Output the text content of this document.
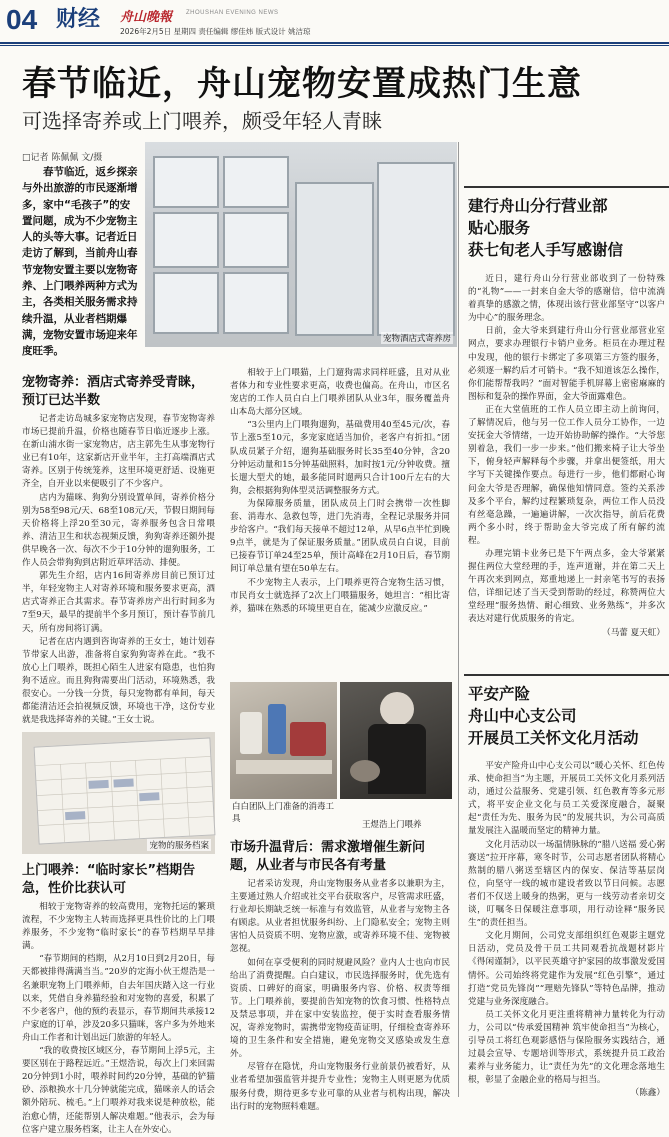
04 财经 舟山晚報 ZHOUSHAN EVENING NEWS
2026年2月5日 星期四 责任编辑 缪佳炜 版式设计 姚洁琼
春节临近，舟山宠物安置成热门生意
可选择寄养或上门喂养，颇受年轻人青睐
□记者 陈佩佩 文/摄

春节临近，返乡探亲与外出旅游的市民逐渐增多，家中“毛孩子”的安置问题，成为不少宠物主人的头等大事。记者近日走访了解到，当前舟山春节宠物安置主要以宠物寄养、上门喂养两种方式为主，各类相关服务需求持续升温，从业者档期爆满，宠物安置市场迎来年度旺季。

宠物酒店式寄养房
宠物寄养：酒店式寄养受青睐，预订已达半数

记者走访岛城多家宠物店发现，春节宠物寄养市场已提前升温，价格也随春节日临近逐步上涨。在新山浦水街一家宠物店，店主郭先生从事宠物行业已有10年，这家新店开业半年，主打高端酒店式寄养。区别于传统笼养，这里环境更舒适、设施更齐全，自开业以来便吸引了不少客户。

店内为猫咪、狗狗分别设置单间，寄养价格分别为58至98元/天、68至108元/天，节假日期间每天价格将上浮20至30元，寄养服务包含日常喂养、清洁卫生和状态视频反馈，狗狗寄养还额外提供早晚各一次、每次不少于10分钟的遛狗服务，工作人员会带狗狗到店附近草坪活动、排便。

郭先生介绍，店内16间寄养房目前已预订过半，年轻宠物主人对寄养环境和服务要求更高，酒店式寄养正合其需求。春节寄养房产出行时间多为7至9天，最早的提前半个多月预订，预计春节前几天，所有房间将订满。

记者在店内遇到咨询寄养的王女士，她计划春节带家人出游，准备将自家狗狗寄养在此。“我不放心上门喂养，既担心陌生人进家有隐患，也怕狗狗不适应。而且狗狗需要出门活动，环境熟悉，我很安心。一分钱一分货，每只宠物都有单间，每天都能清洁还会拍视频反馈，环境也干净，这份专业就是我选择寄养的关键。”王女士说。

宠物的服务档案
上门喂养：“临时家长”档期告急，性价比获认可

相较于宠物寄养的较高费用，宠物托运的繁琐流程，不少宠物主人转而选择更具性价比的上门喂养服务，不少宠物“临时家长”的春节档期早早排满。

“春节期间的档期，从2月10日到2月20日，每天都被排得满满当当。”20岁的定海小伙王煜浩是一名兼职宠物上门喂养师，自去年国庆踏入这一行业以来，凭借自身养猫经验和对宠物的喜爱，积累了不少老客户，他的预约表显示，春节期间共承接12户家庭的订单，涉及20多只猫咪，客户多为外地来舟山工作者和计划出远门旅游的年轻人。

“我的收费按区域区分，春节期间上浮5元，主要区别在于路程远近。”王煜浩说，每次上门来回需20分钟到1小时，喂养时间约20分钟，基础的铲猫砂、添粮换水十几分钟就能完成，猫咪亲人的话会额外陪玩、梳毛。”上门喂养对我来说是种放松，能治愈心情，还能帮别人解决难题。”他表示，会为每位客户建立服务档案，让主人在外安心。

相较于上门喂猫，上门遛狗需求同样旺盛，且对从业者体力和专业性要求更高，收费也偏高。在舟山，市区名宠店的工作人员白白上门喂养团队从业3年，服务覆盖舟山本岛大部分区域。

“3公里内上门喂狗遛狗，基础费用40至45元/次，春节上涨5至10元，多宠家庭适当加价，老客户有折扣。”团队成员紧子介绍，遛狗基础服务时长35至40分钟，含20分钟运动量和15分钟基础照料，加时按1元/分钟收费。擅长遛大型犬的她，最多能同时遛两只合计100斤左右的大狗，会根据狗狗体型灵活调整服务方式。

为保障服务质量，团队成员上门时会携带一次性脚套、消毒水、急救包等，进门先消毒，全程记录服务并同步给客户。“我们每天接单不超过12单，从早6点半忙到晚9点半，就是为了保证服务质量。”团队成员白白说，目前已接春节订单24至25单，预计高峰在2月10日后，春节期间订单总量有望在50单左右。

不少宠物主人表示，上门喂养更符合宠物生活习惯，市民肖女士就选择了2次上门喂猫服务，她坦言：“相比寄养，猫咪在熟悉的环境里更自在，能减少应激反应。”

白白团队上门准备的消毒工具
王煜浩上门喂养
市场升温背后：需求激增催生新问题，从业者与市民各有考量

记者采访发现，舟山宠物服务从业者多以兼职为主，主要通过熟人介绍或社交平台获取客户，尽管需求旺盛，行业却长期缺乏统一标准与有效监管，从业者与宠物主各有顾虑。从业者担忧服务纠纷、上门隐私安全；宠物主则害怕人员资质不明、宠物应激，或寄养环境不佳、宠物被忽视。

如何在享受便利的同时规避风险？业内人士也向市民给出了消费提醒。白白建议，市民选择服务时，优先选有资质、口碑好的商家，明确服务内容、价格、权责等细节。上门喂养前，要提前告知宠物的饮食习惯、性格特点及禁忌事项，并在家中安装监控，便于实时查看服务情况，寄养宠物时，需携带宠物疫苗证明，仔细检查寄养环境的卫生条件和安全措施，避免宠物交叉感染或发生意外。

尽管存在隐忧，舟山宠物服务行业前景仍被看好，从业者希望加强监管并提升专业性；宠物主人则更愿为优质服务付费，期待更多专业可靠的从业者与机构出现，解决出行时的宠物照料难题。

建行舟山分行营业部
贴心服务
获七旬老人手写感谢信

近日，建行舟山分行营业部收到了一份特殊的“礼物”——一封来自金大爷的感谢信，信中流淌着真挚的感激之情，体现出该行营业部坚守“以客户为中心”的服务理念。

日前，金大爷来到建行舟山分行营业部营业室网点，要求办理银行卡销户业务。柜员在办理过程中发现，他的银行卡绑定了多项第三方签约服务，必须逐一解约后才可销卡。“我不知道该怎么操作，你们能帮帮我吗？”面对智能手机屏幕上密密麻麻的图标和复杂的操作界面，金大爷面露难色。

正在大堂值班的工作人员立即主动上前询问，了解情况后，他与另一位工作人员分工协作，一边安抚金大爷情绪，一边开始协助解约操作。“大爷您别着急，我们一步一步来。”他们搬来椅子让大爷坐下，俯身轻声解释每个步骤，并拿出便签纸，用大字写下关键操作要点。每进行一步，他们都耐心询问金大爷是否理解，确保他知情同意。签约关系涉及多个平台，解约过程繁琐复杂，两位工作人员没有丝毫急躁，一遍遍讲解，一次次指导，前后花费两个多小时，终于帮助金大爷完成了所有解约流程。

办理完销卡业务已是下午两点多，金大爷紧紧握住两位大堂经理的手，连声道谢，并在第二天上午再次来到网点，郑重地递上一封亲笔书写的表扬信，详细记述了当天受到帮助的经过，称赞两位大堂经理“服务热情、耐心细致、业务熟练”，并多次表达对建行优质服务的肯定。

（马蕾 夏天虹）

平安产险
舟山中心支公司
开展员工关怀文化月活动

平安产险舟山中心支公司以“暖心关怀、红色传承、使命担当”为主题，开展员工关怀文化月系列活动，通过公益服务、党建引领、红色教育等多元形式，将平安企业文化与员工关爱深度融合，凝聚起“责任为先、服务为民”的发展共识，为公司高质量发展注入温暖而坚定的精神力量。

文化月活动以一场温情脉脉的“腊八送福 爱心粥赛送”拉开序幕，寒冬时节，公司志愿者团队将精心熬制的腊八粥送至辖区内的保安、保洁等基层岗位，向坚守一线的城市建设者致以节日问候。志愿者们不仅送上暖身的热粥，更与一线劳动者亲切交谈，叮嘱冬日保暖注意事项，用行动诠释“服务民生”的责任担当。

文化月期间，公司党支部组织红色观影主题党日活动，党员及骨干员工共同观看抗战题材影片《得闲谨制》，以平民英雄守护家园的故事激发爱国情怀。公司始终将党建作为发展“红色引擎”，通过打造“党员先锋岗”“理赔先锋队”等特色品牌，推动党建与业务深度融合。

员工关怀文化月更注重将精神力量转化为行动力，公司以“传承爱国精神 筑牢使命担当”为核心，引导员工将红色观影感悟与保险服务实践结合，通过晨会宣导、专题培训等形式，系统提升员工政治素养与业务能力，让“责任为先”的文化理念落地生根，彰显了金融企业的格局与担当。

（陈鑫）
